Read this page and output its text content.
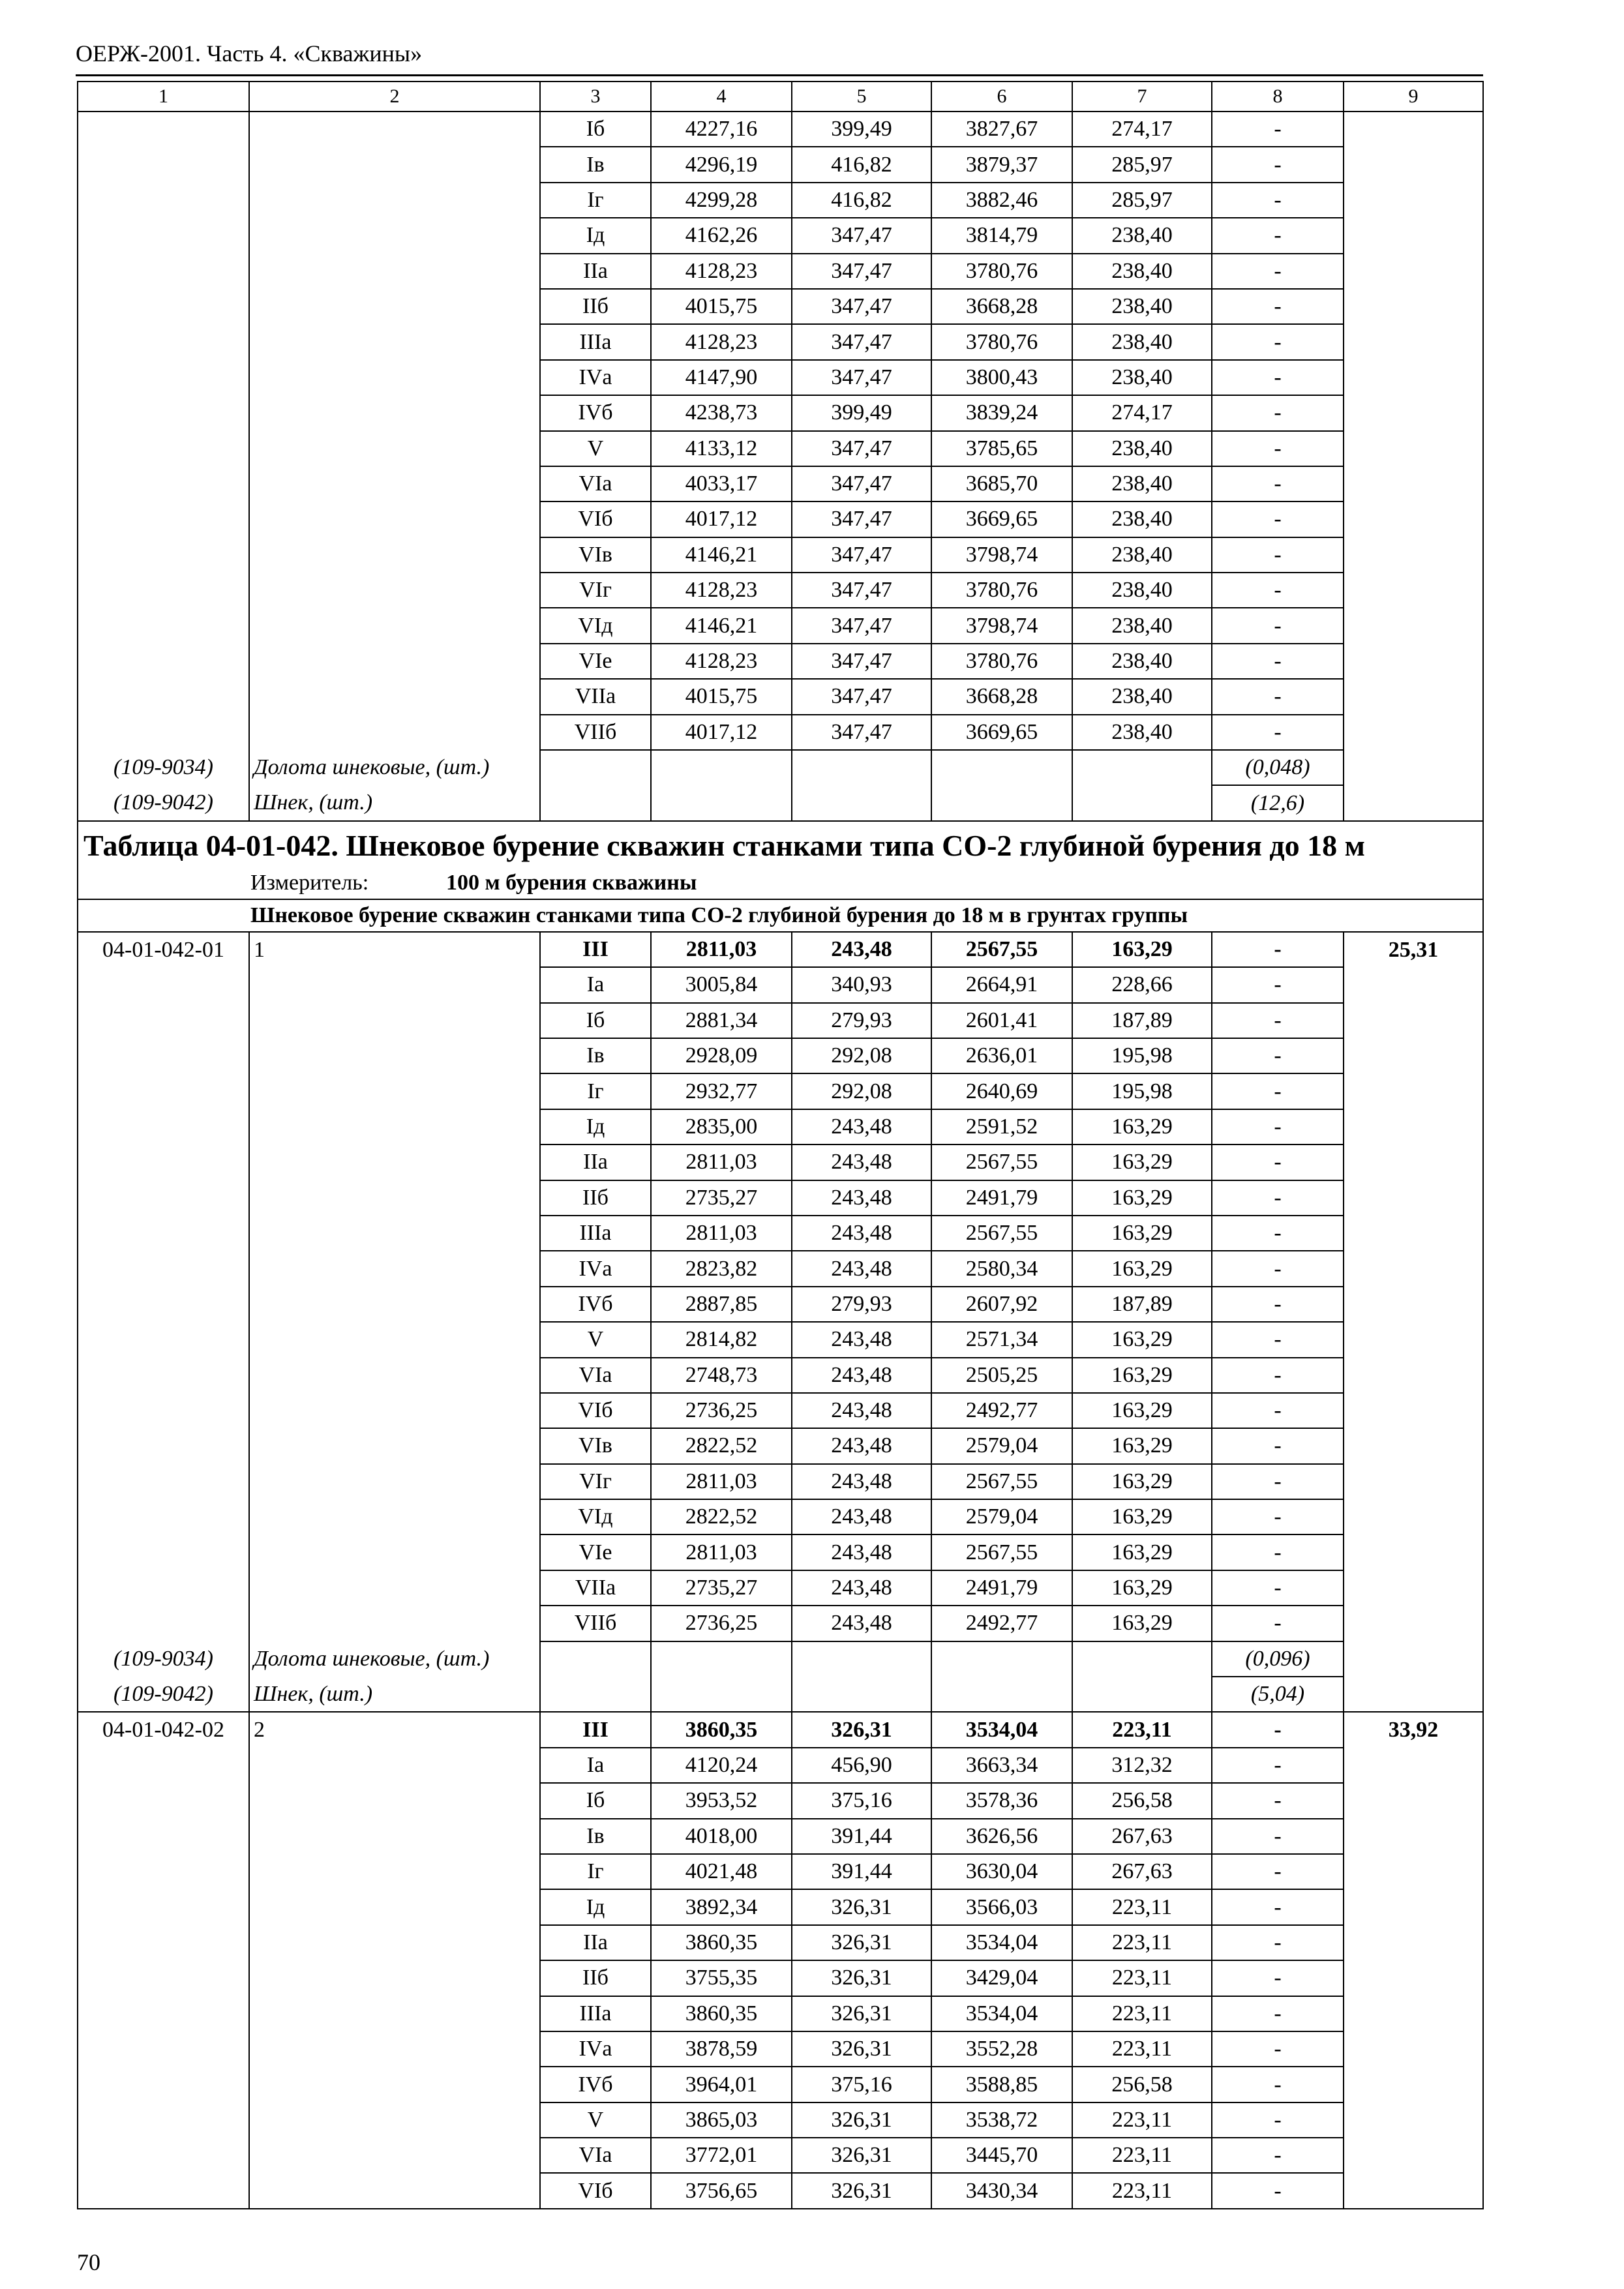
ОЕРЖ-2001. Часть 4. «Скважины»
1	2	3	4	5	6	7	8	9
		Iб	4227,16	399,49	3827,67	274,17	-	
		Iв	4296,19	416,82	3879,37	285,97	-	
		Iг	4299,28	416,82	3882,46	285,97	-	
		Iд	4162,26	347,47	3814,79	238,40	-	
		IIа	4128,23	347,47	3780,76	238,40	-	
		IIб	4015,75	347,47	3668,28	238,40	-	
		IIIа	4128,23	347,47	3780,76	238,40	-	
		IVа	4147,90	347,47	3800,43	238,40	-	
		IVб	4238,73	399,49	3839,24	274,17	-	
		V	4133,12	347,47	3785,65	238,40	-	
		VIа	4033,17	347,47	3685,70	238,40	-	
		VIб	4017,12	347,47	3669,65	238,40	-	
		VIв	4146,21	347,47	3798,74	238,40	-	
		VIг	4128,23	347,47	3780,76	238,40	-	
		VIд	4146,21	347,47	3798,74	238,40	-	
		VIе	4128,23	347,47	3780,76	238,40	-	
		VIIа	4015,75	347,47	3668,28	238,40	-	
		VIIб	4017,12	347,47	3669,65	238,40	-	
(109-9034)	Долота шнековые, (шт.)						(0,048)	
(109-9042)	Шнек, (шт.)						(12,6)	
Таблица 04-01-042. Шнековое бурение скважин станками типа СО-2 глубиной бурения до 18 м								
Измеритель: 100 м бурения скважины								
Шнековое бурение скважин станками типа СО-2 глубиной бурения до 18 м в грунтах группы								
04-01-042-01	1	III	2811,03	243,48	2567,55	163,29	-	25,31
		Iа	3005,84	340,93	2664,91	228,66	-	
		Iб	2881,34	279,93	2601,41	187,89	-	
		Iв	2928,09	292,08	2636,01	195,98	-	
		Iг	2932,77	292,08	2640,69	195,98	-	
		Iд	2835,00	243,48	2591,52	163,29	-	
		IIа	2811,03	243,48	2567,55	163,29	-	
		IIб	2735,27	243,48	2491,79	163,29	-	
		IIIа	2811,03	243,48	2567,55	163,29	-	
		IVа	2823,82	243,48	2580,34	163,29	-	
		IVб	2887,85	279,93	2607,92	187,89	-	
		V	2814,82	243,48	2571,34	163,29	-	
		VIа	2748,73	243,48	2505,25	163,29	-	
		VIб	2736,25	243,48	2492,77	163,29	-	
		VIв	2822,52	243,48	2579,04	163,29	-	
		VIг	2811,03	243,48	2567,55	163,29	-	
		VIд	2822,52	243,48	2579,04	163,29	-	
		VIе	2811,03	243,48	2567,55	163,29	-	
		VIIа	2735,27	243,48	2491,79	163,29	-	
		VIIб	2736,25	243,48	2492,77	163,29	-	
(109-9034)	Долота шнековые, (шт.)						(0,096)	
(109-9042)	Шнек, (шт.)						(5,04)	
04-01-042-02	2	III	3860,35	326,31	3534,04	223,11	-	33,92
		Iа	4120,24	456,90	3663,34	312,32	-	
		Iб	3953,52	375,16	3578,36	256,58	-	
		Iв	4018,00	391,44	3626,56	267,63	-	
		Iг	4021,48	391,44	3630,04	267,63	-	
		Iд	3892,34	326,31	3566,03	223,11	-	
		IIа	3860,35	326,31	3534,04	223,11	-	
		IIб	3755,35	326,31	3429,04	223,11	-	
		IIIа	3860,35	326,31	3534,04	223,11	-	
		IVа	3878,59	326,31	3552,28	223,11	-	
		IVб	3964,01	375,16	3588,85	256,58	-	
		V	3865,03	326,31	3538,72	223,11	-	
		VIа	3772,01	326,31	3445,70	223,11	-	
		VIб	3756,65	326,31	3430,34	223,11	-	
70
